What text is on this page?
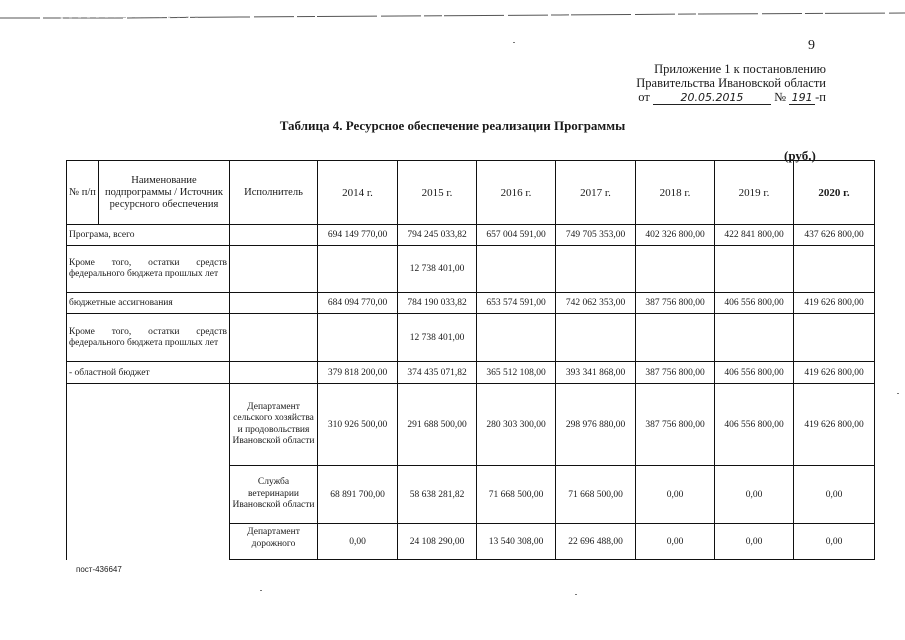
9
Приложение 1 к постановлению
Правительства Ивановской области
от	20.05.2015 № 191 -п
Таблица 4. Ресурсное обеспечение реализации Программы
(руб.)
№ п/п	Наименование подпрограммы / Источник ресурсного обеспечения	Исполнитель	2014 г.	2015 г.	2016 г.	2017 г.	2018 г.	2019 г.	2020 г.
Програма, всего			694 149 770,00	794 245 033,82	657 004 591,00	749 705 353,00	402 326 800,00	422 841 800,00	437 626 800,00
Кроме того, остатки средств федерального бюджета прошлых лет				12 738 401,00					
бюджетные ассигнования			684 094 770,00	784 190 033,82	653 574 591,00	742 062 353,00	387 756 800,00	406 556 800,00	419 626 800,00
Кроме того, остатки средств федерального бюджета прошлых лет				12 738 401,00					
- областной бюджет			379 818 200,00	374 435 071,82	365 512 108,00	393 341 868,00	387 756 800,00	406 556 800,00	419 626 800,00
		Департамент сельского хозяйства и продовольствия Ивановской области	310 926 500,00	291 688 500,00	280 303 300,00	298 976 880,00	387 756 800,00	406 556 800,00	419 626 800,00
		Служба ветеринарии Ивановской области	68 891 700,00	58 638 281,82	71 668 500,00	71 668 500,00	0,00	0,00	0,00
		Департамент дорожного	0,00	24 108 290,00	13 540 308,00	22 696 488,00	0,00	0,00	0,00
пост-436647
